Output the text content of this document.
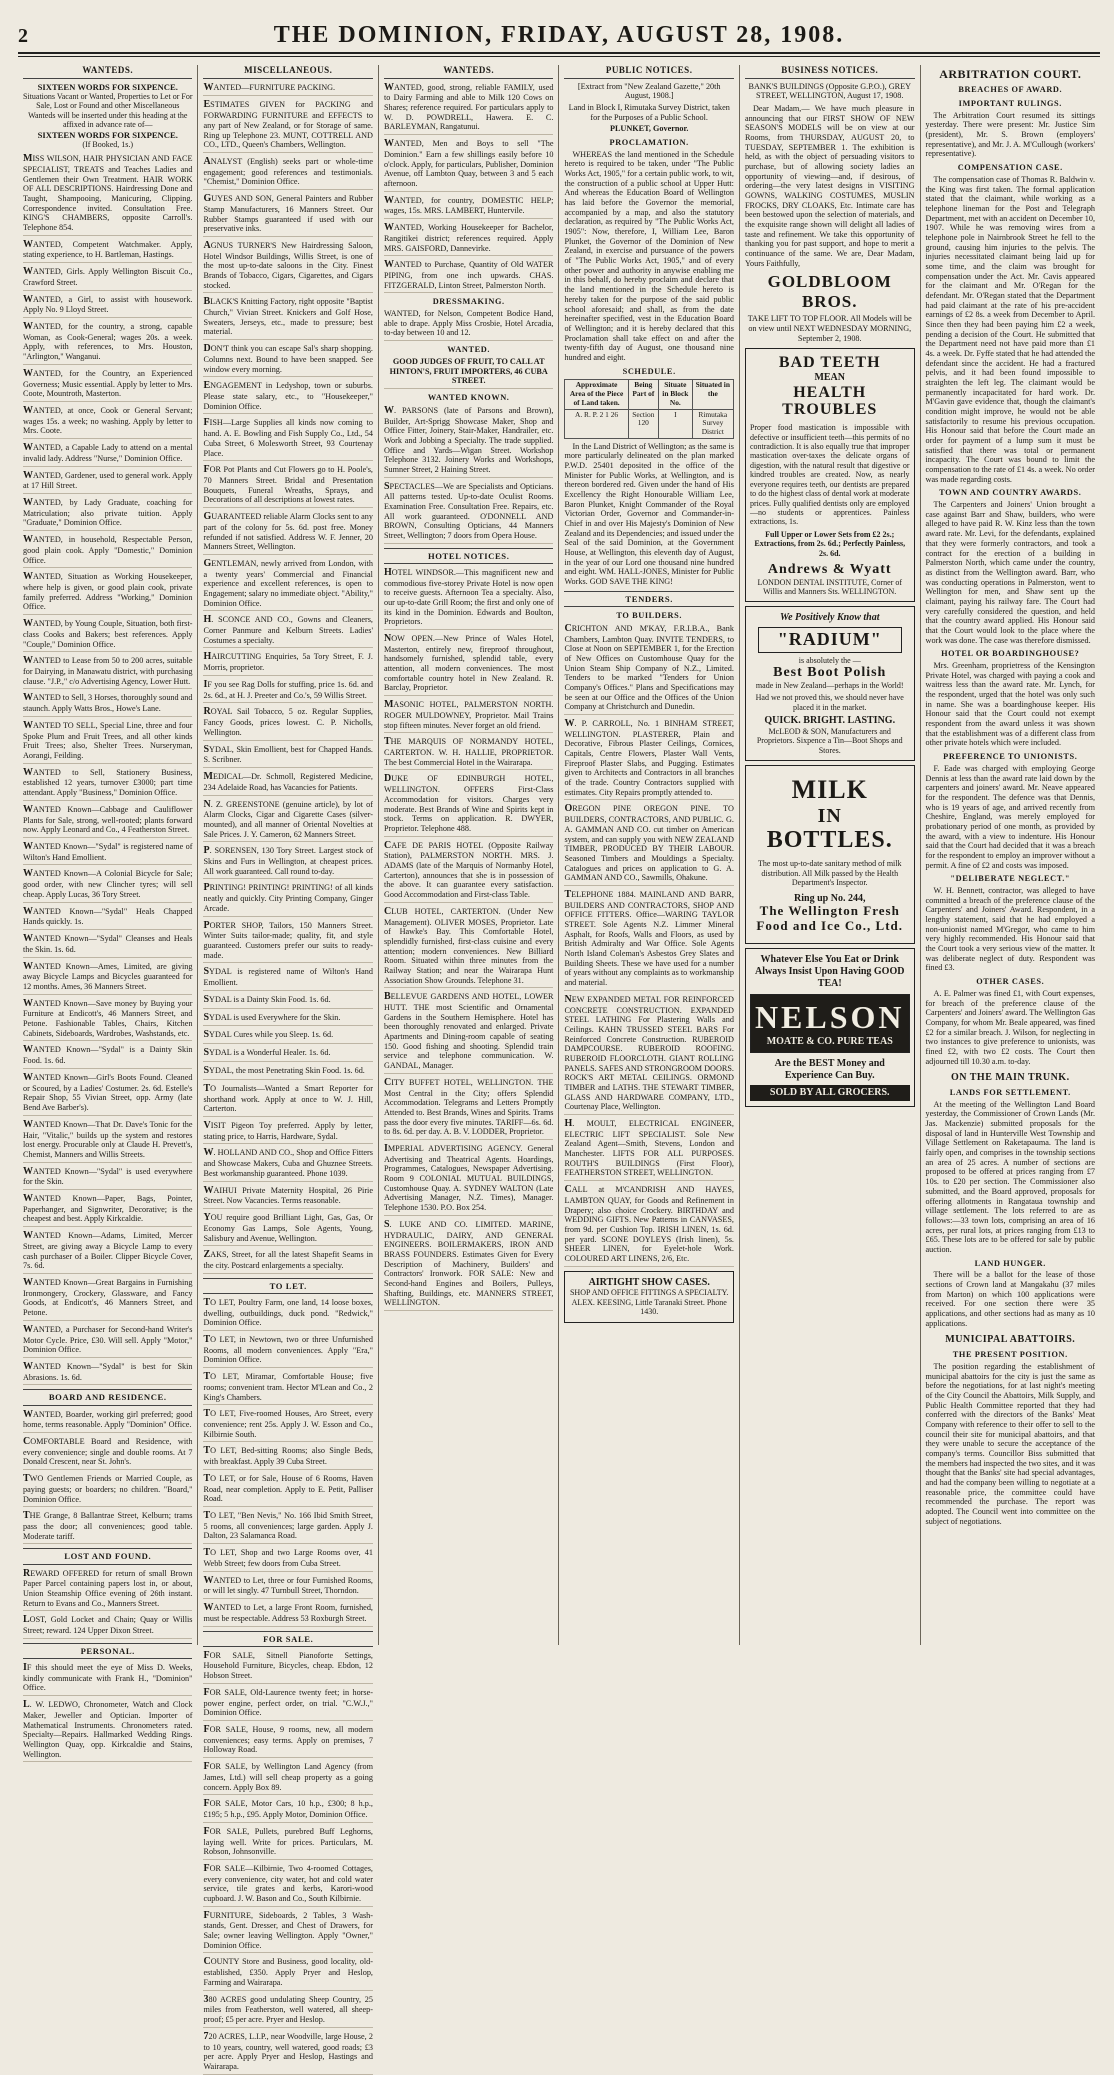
2	THE DOMINION, FRIDAY, AUGUST 28, 1908.
WANTEDS.
SIXTEEN WORDS FOR SIXPENCE.
Situations Vacant or Wanted, Properties to Let or For Sale, Lost or Found and other Miscellaneous Wanteds will be inserted under this heading at the affixed in advance rate of—
SIXTEEN WORDS FOR SIXPENCE.
(If Booked, 1s.)
MISS WILSON, HAIR PHYSICIAN AND FACE SPECIALIST, TREATS and Teaches Ladies and Gentlemen their Own Treatment. HAIR WORK OF ALL DESCRIPTIONS. Hairdressing Done and Taught, Shampooing, Manicuring, Clipping. Correspondence invited. Consultation Free. KING'S CHAMBERS, opposite Carroll's. Telephone 854.
WANTED, Competent Watchmaker. Apply, stating experience, to H. Bartleman, Hastings.
WANTED, Girls. Apply Wellington Biscuit Co., Crawford Street.
WANTED, a Girl, to assist with housework. Apply No. 9 Lloyd Street.
WANTED, for the country, a strong, capable Woman, as Cook-General; wages 20s. a week. Apply, with references, to Mrs. Houston, "Arlington," Wanganui.
WANTED, for the Country, an Experienced Governess; Music essential. Apply by letter to Mrs. Coote, Mountroth, Masterton.
WANTED, at once, Cook or General Servant; wages 15s. a week; no washing. Apply by letter to Mrs. Coote.
WANTED, a Capable Lady to attend on a mental invalid lady. Address "Nurse," Dominion Office.
WANTED, Gardener, used to general work. Apply at 17 Hill Street.
WANTED, by Lady Graduate, coaching for Matriculation; also private tuition. Apply "Graduate," Dominion Office.
WANTED, in household, Respectable Person, good plain cook. Apply "Domestic," Dominion Office.
WANTED, Situation as Working Housekeeper, where help is given, or good plain cook, private family preferred. Address "Working," Dominion Office.
WANTED, by Young Couple, Situation, both first-class Cooks and Bakers; best references. Apply "Couple," Dominion Office.
WANTED to Lease from 50 to 200 acres, suitable for Dairying, in Manawatu district, with purchasing clause. "J.P.," c/o Advertising Agency, Lower Hutt.
WANTED to Sell, 3 Horses, thoroughly sound and staunch. Apply Watts Bros., Howe's Lane.
WANTED TO SELL, Special Line, three and four Spoke Plum and Fruit Trees, and all other kinds Fruit Trees; also, Shelter Trees. Nurseryman, Aorangi, Feilding.
WANTED to Sell, Stationery Business, established 12 years, turnover £3000; part time attendant. Apply "Business," Dominion Office.
WANTED Known—Cabbage and Cauliflower Plants for Sale, strong, well-rooted; plants forward now. Apply Leonard and Co., 4 Featherston Street.
WANTED Known—"Sydal" is registered name of Wilton's Hand Emollient.
WANTED Known—A Colonial Bicycle for Sale; good order, with new Clincher tyres; will sell cheap. Apply Lucas, 36 Tory Street.
WANTED Known—"Sydal" Heals Chapped Hands quickly. 1s.
WANTED Known—"Sydal" Cleanses and Heals the Skin. 1s. 6d.
WANTED Known—Ames, Limited, are giving away Bicycle Lamps and Bicycles guaranteed for 12 months. Ames, 36 Manners Street.
WANTED Known—Save money by Buying your Furniture at Endicott's, 46 Manners Street, and Petone. Fashionable Tables, Chairs, Kitchen Cabinets, Sideboards, Wardrobes, Washstands, etc.
WANTED Known—"Sydal" is a Dainty Skin Food. 1s. 6d.
WANTED Known—Girl's Boots Found. Cleaned or Scoured, by a Ladies' Costumer. 2s. 6d. Estelle's Repair Shop, 55 Vivian Street, opp. Army (late Bend Ave Barber's).
WANTED Known—That Dr. Dave's Tonic for the Hair, "Vitalic," builds up the system and restores lost energy. Procurable only at Claude H. Prevett's, Chemist, Manners and Willis Streets.
WANTED Known—"Sydal" is used everywhere for the Skin.
WANTED Known—Paper, Bags, Pointer, Paperhanger, and Signwriter, Decorative; is the cheapest and best. Apply Kirkcaldie.
WANTED Known—Adams, Limited, Mercer Street, are giving away a Bicycle Lamp to every cash purchaser of a Boiler. Clipper Bicycle Cover, 7s. 6d.
WANTED Known—Great Bargains in Furnishing Ironmongery, Crockery, Glassware, and Fancy Goods, at Endicott's, 46 Manners Street, and Petone.
WANTED, a Purchaser for Second-hand Writer's Motor Cycle. Price, £30. Will sell. Apply "Motor," Dominion Office.
WANTED Known—"Sydal" is best for Skin Abrasions. 1s. 6d.
BOARD AND RESIDENCE.
WANTED, Boarder, working girl preferred; good home, terms reasonable. Apply "Dominion" Office.
COMFORTABLE Board and Residence, with every convenience; single and double rooms. At 7 Donald Crescent, near St. John's.
TWO Gentlemen Friends or Married Couple, as paying guests; or boarders; no children. "Board," Dominion Office.
THE Grange, 8 Ballantrae Street, Kelburn; trams pass the door; all conveniences; good table. Moderate tariff.
LOST AND FOUND.
REWARD OFFERED for return of small Brown Paper Parcel containing papers lost in, or about, Union Steamship Office evening of 26th instant. Return to Evans and Co., Manners Street.
LOST, Gold Locket and Chain; Quay or Willis Street; reward. 124 Upper Dixon Street.
PERSONAL.
IF this should meet the eye of Miss D. Weeks, kindly communicate with Frank H., "Dominion" Office.
L. W. LEDWO, Chronometer, Watch and Clock Maker, Jeweller and Optician. Importer of Mathematical Instruments. Chronometers rated. Specialty—Repairs. Hallmarked Wedding Rings. Wellington Quay, opp. Kirkcaldie and Stains, Wellington.
MISCELLANEOUS.
WANTED—FURNITURE PACKING.
ESTIMATES GIVEN for PACKING and FORWARDING FURNITURE and EFFECTS to any part of New Zealand, or for Storage of same. Ring up Telephone 23. MUNT, COTTRELL AND CO., LTD., Queen's Chambers, Wellington.
ANALYST (English) seeks part or whole-time engagement; good references and testimonials. "Chemist," Dominion Office.
GUYES AND SON, General Painters and Rubber Stamp Manufacturers, 16 Manners Street. Our Rubber Stamps guaranteed if used with our preservative inks.
AGNUS TURNER'S New Hairdressing Saloon, Hotel Windsor Buildings, Willis Street, is one of the most up-to-date saloons in the City. Finest Brands of Tobacco, Cigars, Cigarettes, and Cigars stocked.
BLACK'S Knitting Factory, right opposite "Baptist Church," Vivian Street. Knickers and Golf Hose, Sweaters, Jerseys, etc., made to pressure; best material.
DON'T think you can escape Sal's sharp shopping. Columns next. Bound to have been snapped. See window every morning.
ENGAGEMENT in Ledyshop, town or suburbs. Please state salary, etc., to "Housekeeper," Dominion Office.
FISH—Large Supplies all kinds now coming to hand. A. E. Bowling and Fish Supply Co., Ltd., 54 Cuba Street, 6 Molesworth Street, 93 Courtenay Place.
FOR Pot Plants and Cut Flowers go to H. Poole's, 70 Manners Street. Bridal and Presentation Bouquets, Funeral Wreaths, Sprays, and Decorations of all descriptions at lowest rates.
GUARANTEED reliable Alarm Clocks sent to any part of the colony for 5s. 6d. post free. Money refunded if not satisfied. Address W. F. Jenner, 20 Manners Street, Wellington.
GENTLEMAN, newly arrived from London, with a twenty years' Commercial and Financial experience and excellent references, is open to Engagement; salary no immediate object. "Ability," Dominion Office.
H. SCONCE AND CO., Gowns and Cleaners, Corner Panmure and Kelburn Streets. Ladies' Costumes a specialty.
HAIRCUTTING Enquiries, 5a Tory Street, F. J. Morris, proprietor.
IF you see Rag Dolls for stuffing, price 1s. 6d. and 2s. 6d., at H. J. Preeter and Co.'s, 59 Willis Street.
ROYAL Sail Tobacco, 5 oz. Regular Supplies, Fancy Goods, prices lowest. C. P. Nicholls, Wellington.
SYDAL, Skin Emollient, best for Chapped Hands. S. Scribner.
MEDICAL—Dr. Schmoll, Registered Medicine, 234 Adelaide Road, has Vacancies for Patients.
N. Z. GREENSTONE (genuine article), by lot of Alarm Clocks, Cigar and Cigarette Cases (silver-mounted), and all manner of Oriental Novelties at Sale Prices. J. Y. Cameron, 62 Manners Street.
P. SORENSEN, 130 Tory Street. Largest stock of Skins and Furs in Wellington, at cheapest prices. All work guaranteed. Call round to-day.
PRINTING! PRINTING! PRINTING! of all kinds neatly and quickly. City Printing Company, Ginger Arcade.
PORTER SHOP, Tailors, 150 Manners Street. Winter Suits tailor-made; quality, fit, and style guaranteed. Customers prefer our suits to ready-made.
SYDAL is registered name of Wilton's Hand Emollient.
SYDAL is a Dainty Skin Food. 1s. 6d.
SYDAL is used Everywhere for the Skin.
SYDAL Cures while you Sleep. 1s. 6d.
SYDAL is a Wonderful Healer. 1s. 6d.
SYDAL, the most Penetrating Skin Food. 1s. 6d.
TO Journalists—Wanted a Smart Reporter for shorthand work. Apply at once to W. J. Hill, Carterton.
VISIT Pigeon Toy preferred. Apply by letter, stating price, to Harris, Hardware, Sydal.
W. HOLLAND AND CO., Shop and Office Fitters and Showcase Makers, Cuba and Ghuznee Streets. Best workmanship guaranteed. Phone 1039.
WAIHUI Private Maternity Hospital, 26 Pirie Street. Now Vacancies. Terms reasonable.
YOU require good Brilliant Light, Gas, Gas, Or Economy Gas Lamps, Sole Agents, Young, Salisbury and Avenue, Wellington.
ZAKS, Street, for all the latest Shapefit Seams in the city. Postcard enlargements a specialty.
TO LET.
TO LET, Poultry Farm, one land, 14 loose boxes, dwelling, outbuildings, duck pond. "Redwick," Dominion Office.
TO LET, in Newtown, two or three Unfurnished Rooms, all modern conveniences. Apply "Era," Dominion Office.
TO LET, Miramar, Comfortable House; five rooms; convenient tram. Hector M'Lean and Co., 2 King's Chambers.
TO LET, Five-roomed Houses, Aro Street, every convenience; rent 25s. Apply J. W. Esson and Co., Kilbirnie South.
TO LET, Bed-sitting Rooms; also Single Beds, with breakfast. Apply 39 Cuba Street.
TO LET, or for Sale, House of 6 Rooms, Haven Road, near completion. Apply to E. Petit, Palliser Road.
TO LET, "Ben Nevis," No. 166 Ibid Smith Street, 5 rooms, all conveniences; large garden. Apply J. Dalton, 23 Salamanca Road.
TO LET, Shop and two Large Rooms over, 41 Webb Street; few doors from Cuba Street.
WANTED to Let, three or four Furnished Rooms, or will let singly. 47 Turnbull Street, Thorndon.
WANTED to Let, a large Front Room, furnished, must be respectable. Address 53 Roxburgh Street.
FOR SALE.
FOR SALE, Sitnell Pianoforte Settings, Household Furniture, Bicycles, cheap. Ebdon, 12 Hobson Street.
FOR SALE, Old-Laurence twenty feet; in horse-power engine, perfect order, on trial. "C.W.J.," Dominion Office.
FOR SALE, House, 9 rooms, new, all modern conveniences; easy terms. Apply on premises, 7 Holloway Road.
FOR SALE, by Wellington Land Agency (from James, Ltd.) will sell cheap property as a going concern. Apply Box 89.
FOR SALE, Motor Cars, 10 h.p., £300; 8 h.p., £195; 5 h.p., £95. Apply Motor, Dominion Office.
FOR SALE, Pullets, purebred Buff Leghorns, laying well. Write for prices. Particulars, M. Robson, Johnsonville.
FOR SALE—Kilbirnie, Two 4-roomed Cottages, every convenience, city water, hot and cold water service, tile grates and kerbs, Karori-wood cupboard. J. W. Bason and Co., South Kilbirnie.
FURNITURE, Sideboards, 2 Tables, 3 Wash-stands, Gent. Dresser, and Chest of Drawers, for Sale; owner leaving Wellington. Apply "Owner," Dominion Office.
COUNTY Store and Business, good locality, old-established, £350. Apply Pryer and Heslop, Farming and Wairarapa.
380 ACRES good undulating Sheep Country, 25 miles from Featherston, well watered, all sheep-proof; £5 per acre. Pryer and Heslop.
720 ACRES, L.I.P., near Woodville, large House, 2 to 10 years, country, well watered, good roads; £3 per acre. Apply Pryer and Heslop, Hastings and Wairarapa.
WANTEDS.
WANTED, good, strong, reliable FAMILY, used to Dairy Farming and able to Milk 120 Cows on Shares; reference required. For particulars apply to W. D. POWDRELL, Hawera. E. C. BARLEYMAN, Rangatunui.
WANTED, Men and Boys to sell "The Dominion." Earn a few shillings easily before 10 o'clock. Apply, for particulars, Publisher, Dominion Avenue, off Lambton Quay, between 3 and 5 each afternoon.
WANTED, for country, DOMESTIC HELP; wages, 15s. MRS. LAMBERT, Huntervile.
WANTED, Working Housekeeper for Bachelor, Rangitikei district; references required. Apply MRS. GAISFORD, Dannevirke.
WANTED to Purchase, Quantity of Old WATER PIPING, from one inch upwards. CHAS. FITZGERALD, Linton Street, Palmerston North.
DRESSMAKING.
WANTED, for Nelson, Competent Bodice Hand, able to drape. Apply Miss Crosbie, Hotel Arcadia, to-day between 10 and 12.
WANTED.
GOOD JUDGES OF FRUIT, TO CALL AT HINTON'S, FRUIT IMPORTERS, 46 CUBA STREET.
WANTED KNOWN.
W. PARSONS (late of Parsons and Brown), Builder, Art-Sprigg Showcase Maker, Shop and Office Fitter, Joinery, Stair-Maker, Handrailer, etc. Work and Jobbing a Specialty. The trade supplied. Office and Yards—Wigan Street. Workshop Telephone 3132. Joinery Works and Workshops, Sumner Street, 2 Haining Street.
SPECTACLES—We are Specialists and Opticians. All patterns tested. Up-to-date Oculist Rooms. Examination Free. Consultation Free. Repairs, etc. All work guaranteed. O'DONNELL AND BROWN, Consulting Opticians, 44 Manners Street, Wellington; 7 doors from Opera House.
HOTEL NOTICES.
HOTEL WINDSOR.—This magnificent new and commodious five-storey Private Hotel is now open to receive guests. Afternoon Tea a specialty. Also, our up-to-date Grill Room; the first and only one of its kind in the Dominion. Edwards and Boulton, Proprietors.
NOW OPEN.—New Prince of Wales Hotel, Masterton, entirely new, fireproof throughout, handsomely furnished, splendid table, every attention, all modern conveniences. The most comfortable country hotel in New Zealand. R. Barclay, Proprietor.
MASONIC HOTEL, PALMERSTON NORTH. ROGER MULDOWNEY, Proprietor. Mail Trains stop fifteen minutes. Never forget an old friend.
THE MARQUIS OF NORMANDY HOTEL, CARTERTON. W. H. HALLIE, PROPRIETOR. The best Commercial Hotel in the Wairarapa.
DUKE OF EDINBURGH HOTEL, WELLINGTON. OFFERS First-Class Accommodation for visitors. Charges very moderate. Best Brands of Wine and Spirits kept in stock. Terms on application. R. DWYER, Proprietor. Telephone 488.
CAFE DE PARIS HOTEL (Opposite Railway Station), PALMERSTON NORTH. MRS. J. ADAMS (late of the Marquis of Normanby Hotel, Carterton), announces that she is in possession of the above. It can guarantee every satisfaction. Good Accommodation and First-class Table.
CLUB HOTEL, CARTERTON. (Under New Management). OLIVER MOSES, Proprietor. Late of Hawke's Bay. This Comfortable Hotel, splendidly furnished, first-class cuisine and every attention; modern conveniences. New Billiard Room. Situated within three minutes from the Railway Station; and near the Wairarapa Hunt Association Show Grounds. Telephone 31.
BELLEVUE GARDENS AND HOTEL, LOWER HUTT. THE most Scientific and Ornamental Gardens in the Southern Hemisphere. Hotel has been thoroughly renovated and enlarged. Private Apartments and Dining-room capable of seating 150. Good fishing and shooting. Splendid train service and telephone communication. W. GANDAL, Manager.
CITY BUFFET HOTEL, WELLINGTON. THE Most Central in the City; offers Splendid Accommodation. Telegrams and Letters Promptly Attended to. Best Brands, Wines and Spirits. Trams pass the door every five minutes. TARIFF—6s. 6d. to 8s. 6d. per day. A. B. V. LODDER, Proprietor.
IMPERIAL ADVERTISING AGENCY. General Advertising and Theatrical Agents. Hoardings, Programmes, Catalogues, Newspaper Advertising. Room 9 COLONIAL MUTUAL BUILDINGS, Customhouse Quay. A. SYDNEY WALTON (Late Advertising Manager, N.Z. Times), Manager. Telephone 1530. P.O. Box 254.
S. LUKE AND CO. LIMITED. MARINE, HYDRAULIC, DAIRY, AND GENERAL ENGINEERS. BOILERMAKERS, IRON AND BRASS FOUNDERS. Estimates Given for Every Description of Machinery, Builders' and Contractors' Ironwork. FOR SALE: New and Second-hand Engines and Boilers, Pulleys, Shafting, Buildings, etc. MANNERS STREET, WELLINGTON.
PUBLIC NOTICES.
[Extract from "New Zealand Gazette," 20th August, 1908.]
Land in Block I, Rimutaka Survey District, taken for the Purposes of a Public School.
PLUNKET, Governor.
PROCLAMATION.
WHEREAS the land mentioned in the Schedule hereto is required to be taken, under "The Public Works Act, 1905," for a certain public work, to wit, the construction of a public school at Upper Hutt: And whereas the Education Board of Wellington has laid before the Governor the memorial, accompanied by a map, and also the statutory declaration, as required by "The Public Works Act, 1905": Now, therefore, I, William Lee, Baron Plunket, the Governor of the Dominion of New Zealand, in exercise and pursuance of the powers of "The Public Works Act, 1905," and of every other power and authority in anywise enabling me in this behalf, do hereby proclaim and declare that the land mentioned in the Schedule hereto is hereby taken for the purpose of the said public school aforesaid; and shall, as from the date hereinafter specified, vest in the Education Board of Wellington; and it is hereby declared that this Proclamation shall take effect on and after the twenty-fifth day of August, one thousand nine hundred and eight.
SCHEDULE.
Approximate Area of the Piece of Land taken.	Being Part of	Situate in Block No.	Situated in the
A. R. P. 2 1 26	Section 120	I	Rimutaka Survey District
In the Land District of Wellington; as the same is more particularly delineated on the plan marked P.W.D. 25401 deposited in the office of the Minister for Public Works, at Wellington, and is thereon bordered red. Given under the hand of His Excellency the Right Honourable William Lee, Baron Plunket, Knight Commander of the Royal Victorian Order, Governor and Commander-in-Chief in and over His Majesty's Dominion of New Zealand and its Dependencies; and issued under the Seal of the said Dominion, at the Government House, at Wellington, this eleventh day of August, in the year of our Lord one thousand nine hundred and eight. WM. HALL-JONES, Minister for Public Works. GOD SAVE THE KING!
TENDERS.
TO BUILDERS.
CRICHTON AND M'KAY, F.R.I.B.A., Bank Chambers, Lambton Quay. INVITE TENDERS, to Close at Noon on SEPTEMBER 1, for the Erection of New Offices on Customhouse Quay for the Union Steam Ship Company of N.Z., Limited. Tenders to be marked "Tenders for Union Company's Offices." Plans and Specifications may be seen at our Office and the Offices of the Union Company at Christchurch and Dunedin.
W. P. CARROLL, No. 1 BINHAM STREET, WELLINGTON. PLASTERER, Plain and Decorative, Fibrous Plaster Ceilings, Cornices, Capitals, Centre Flowers, Plaster Wall Vents, Fireproof Plaster Slabs, and Pugging. Estimates given to Architects and Contractors in all branches of the trade. Country Contractors supplied with estimates. City Repairs promptly attended to.
OREGON PINE OREGON PINE. TO BUILDERS, CONTRACTORS, AND PUBLIC. G. A. GAMMAN AND CO. cut timber on American system, and can supply you with NEW ZEALAND TIMBER, PRODUCED BY THEIR LABOUR. Seasoned Timbers and Mouldings a Specialty. Catalogues and prices on application to G. A. GAMMAN AND CO., Sawmills, Ohakune.
TELEPHONE 1884. MAINLAND AND BARR, BUILDERS AND CONTRACTORS, SHOP AND OFFICE FITTERS. Office—WARING TAYLOR STREET. Sole Agents N.Z. Limmer Mineral Asphalt, for Roofs, Walls and Floors, as used by British Admiralty and War Office. Sole Agents North Island Coleman's Asbestos Grey Slates and Building Sheets. These we have used for a number of years without any complaints as to workmanship and material.
NEW EXPANDED METAL FOR REINFORCED CONCRETE CONSTRUCTION. EXPANDED STEEL LATHING For Plastering Walls and Ceilings. KAHN TRUSSED STEEL BARS For Reinforced Concrete Construction. RUBEROID DAMPCOURSE. RUBEROID ROOFING. RUBEROID FLOORCLOTH. GIANT ROLLING PANELS. SAFES AND STRONGROOM DOORS. ROCK'S ART METAL CEILINGS. ORMOND TIMBER and LATHS. THE STEWART TIMBER, GLASS AND HARDWARE COMPANY, LTD., Courtenay Place, Wellington.
H. MOULT, ELECTRICAL ENGINEER, ELECTRIC LIFT SPECIALIST. Sole New Zealand Agent—Smith, Stevens, London and Manchester. LIFTS FOR ALL PURPOSES. ROUTH'S BUILDINGS (First Floor), FEATHERSTON STREET, WELLINGTON.
CALL at M'CANDRISH AND HAYES, LAMBTON QUAY, for Goods and Refinement in Drapery; also choice Crockery. BIRTHDAY and WEDDING GIFTS. New Patterns in CANVASES, from 9d. per Cushion Top. IRISH LINEN, 1s. 6d. per yard. SCONE DOYLEYS (Irish linen), 5s. SHEER LINEN, for Eyelet-hole Work. COLOURED ART LINENS, 2/6, Etc.
AIRTIGHT SHOW CASES.
SHOP AND OFFICE FITTINGS A SPECIALTY. ALEX. KEESING, Little Taranaki Street. Phone 1430.
BUSINESS NOTICES.
BANK'S BUILDINGS (Opposite G.P.O.), GREY STREET, WELLINGTON, August 17, 1908.
Dear Madam,— We have much pleasure in announcing that our FIRST SHOW OF NEW SEASON'S MODELS will be on view at our Rooms, from THURSDAY, AUGUST 20, to TUESDAY, SEPTEMBER 1. The exhibition is held, as with the object of persuading visitors to purchase, but of allowing society ladies an opportunity of viewing—and, if desirous, of ordering—the very latest designs in VISITING GOWNS, WALKING COSTUMES, MUSLIN FROCKS, DRY CLOAKS, Etc. Intimate care has been bestowed upon the selection of materials, and the exquisite range shown will delight all ladies of taste and refinement. We take this opportunity of thanking you for past support, and hope to merit a continuance of the same. We are, Dear Madam, Yours Faithfully,
GOLDBLOOM BROS.
TAKE LIFT TO TOP FLOOR. All Models will be on view until NEXT WEDNESDAY MORNING, September 2, 1908.
BAD TEETH
MEAN
HEALTH
TROUBLES
Proper food mastication is impossible with defective or insufficient teeth—this permits of no contradiction. It is also equally true that improper mastication over-taxes the delicate organs of digestion, with the natural result that digestive or kindred troubles are created. Now, as nearly everyone requires teeth, our dentists are prepared to do the highest class of dental work at moderate prices. Fully qualified dentists only are employed—no students or apprentices. Painless extractions, 1s.
Full Upper or Lower Sets from £2 2s.; Extractions, from 2s. 6d.; Perfectly Painless, 2s. 6d.
Andrews & Wyatt
LONDON DENTAL INSTITUTE, Corner of Willis and Manners Sts. WELLINGTON.
We Positively Know that
"RADIUM"
is absolutely the —
Best Boot Polish
made in New Zealand—perhaps in the World!
Had we not proved this, we should never have placed it in the market.
QUICK. BRIGHT. LASTING.
McLEOD & SON, Manufacturers and Proprietors. Sixpence a Tin—Boot Shops and Stores.
MILK
IN
BOTTLES.
The most up-to-date sanitary method of milk distribution. All Milk passed by the Health Department's Inspector.
Ring up No. 244,
The Wellington Fresh Food and Ice Co., Ltd.
Whatever Else You Eat or Drink Always Insist Upon Having GOOD TEA!
NELSON
MOATE & CO. PURE TEAS
Are the BEST Money and Experience Can Buy.
SOLD BY ALL GROCERS.
ARBITRATION COURT.
BREACHES OF AWARD.
IMPORTANT RULINGS.
The Arbitration Court resumed its sittings yesterday. There were present: Mr. Justice Sim (president), Mr. S. Brown (employers' representative), and Mr. J. A. M'Cullough (workers' representative).
COMPENSATION CASE.
The compensation case of Thomas R. Baldwin v. the King was first taken. The formal application stated that the claimant, while working as a telephone lineman for the Post and Telegraph Department, met with an accident on December 10, 1907. While he was removing wires from a telephone pole in Nairnbrook Street he fell to the ground, causing him injuries to the pelvis. The injuries necessitated claimant being laid up for some time, and the claim was brought for compensation under the Act. Mr. Cavis appeared for the claimant and Mr. O'Regan for the defendant. Mr. O'Regan stated that the Department had paid claimant at the rate of his pre-accident earnings of £2 8s. a week from December to April. Since then they had been paying him £2 a week, pending a decision of the Court. He submitted that the Department need not have paid more than £1 4s. a week. Dr. Fyffe stated that he had attended the defendant since the accident. He had a fractured pelvis, and it had been found impossible to straighten the left leg. The claimant would be permanently incapacitated for hard work. Dr. M'Gavin gave evidence that, though the claimant's condition might improve, he would not be able satisfactorily to resume his previous occupation. His Honour said that before the Court made an order for payment of a lump sum it must be satisfied that there was total or permanent incapacity. The Court was bound to limit the compensation to the rate of £1 4s. a week. No order was made regarding costs.
TOWN AND COUNTRY AWARDS.
The Carpenters and Joiners' Union brought a case against Barr and Shaw, builders, who were alleged to have paid R. W. Kinz less than the town award rate. Mr. Levi, for the defendants, explained that they were formerly contractors, and took a contract for the erection of a building in Palmerston North, which came under the country, as distinct from the Wellington award. Barr, who was conducting operations in Palmerston, went to Wellington for men, and Shaw sent up the claimant, paying his railway fare. The Court had very carefully considered the question, and held that the country award applied. His Honour said that the Court would look to the place where the work was done. The case was therefore dismissed.
HOTEL OR BOARDINGHOUSE?
Mrs. Greenham, proprietress of the Kensington Private Hotel, was charged with paying a cook and waitress less than the award rate. Mr. Lynch, for the respondent, urged that the hotel was only such in name. She was a boardinghouse keeper. His Honour said that the Court could not exempt respondent from the award unless it was shown that the establishment was of a different class from other private hotels which were included.
PREFERENCE TO UNIONISTS.
F. Eade was charged with employing George Dennis at less than the award rate laid down by the carpenters and joiners' award. Mr. Neave appeared for the respondent. The defence was that Dennis, who is 19 years of age, and arrived recently from Cheshire, England, was merely employed for probationary period of one month, as provided by the award, with a view to indenture. His Honour said that the Court had decided that it was a breach for the respondent to employ an improver without a permit. A fine of £2 and costs was imposed.
"DELIBERATE NEGLECT."
W. H. Bennett, contractor, was alleged to have committed a breach of the preference clause of the Carpenters' and Joiners' Award. Respondent, in a lengthy statement, said that he had employed a non-unionist named M'Gregor, who came to him very highly recommended. His Honour said that the Court took a very serious view of the matter. It was deliberate neglect of duty. Respondent was fined £3.
OTHER CASES.
A. E. Palmer was fined £1, with Court expenses, for breach of the preference clause of the Carpenters' and Joiners' award. The Wellington Gas Company, for whom Mr. Beale appeared, was fined £2 for a similar breach. J. Wilson, for neglecting in two instances to give preference to unionists, was fined £2, with two £2 costs. The Court then adjourned till 10.30 a.m. to-day.
ON THE MAIN TRUNK.
LANDS FOR SETTLEMENT.
At the meeting of the Wellington Land Board yesterday, the Commissioner of Crown Lands (Mr. Jas. Mackenzie) submitted proposals for the disposal of land in Hunterville West Township and Village Settlement on Raketapauma. The land is fairly open, and comprises in the township sections an area of 25 acres. A number of sections are proposed to be offered at prices ranging from £7 10s. to £20 per section. The Commissioner also submitted, and the Board approved, proposals for offering allotments in Rangataua township and village settlement. The lots referred to are as follows:—33 town lots, comprising an area of 16 acres, per rural lots, at prices ranging from £13 to £65. These lots are to be offered for sale by public auction.
LAND HUNGER.
There will be a ballot for the lease of those sections of Crown land at Mangakahu (37 miles from Marton) on which 100 applications were received. For one section there were 35 applications, and other sections had as many as 10 applications.
MUNICIPAL ABATTOIRS.
THE PRESENT POSITION.
The position regarding the establishment of municipal abattoirs for the city is just the same as before the negotiations, for at last night's meeting of the City Council the Abattoirs, Milk Supply, and Public Health Committee reported that they had conferred with the directors of the Banks' Meat Company with reference to their offer to sell to the council their site for municipal abattoirs, and that they were unable to secure the acceptance of the company's terms. Councillor Biss submitted that the members had inspected the two sites, and it was thought that the Banks' site had special advantages, and had the company been willing to negotiate at a reasonable price, the committee could have recommended the purchase. The report was adopted. The Council went into committee on the subject of negotiations.
